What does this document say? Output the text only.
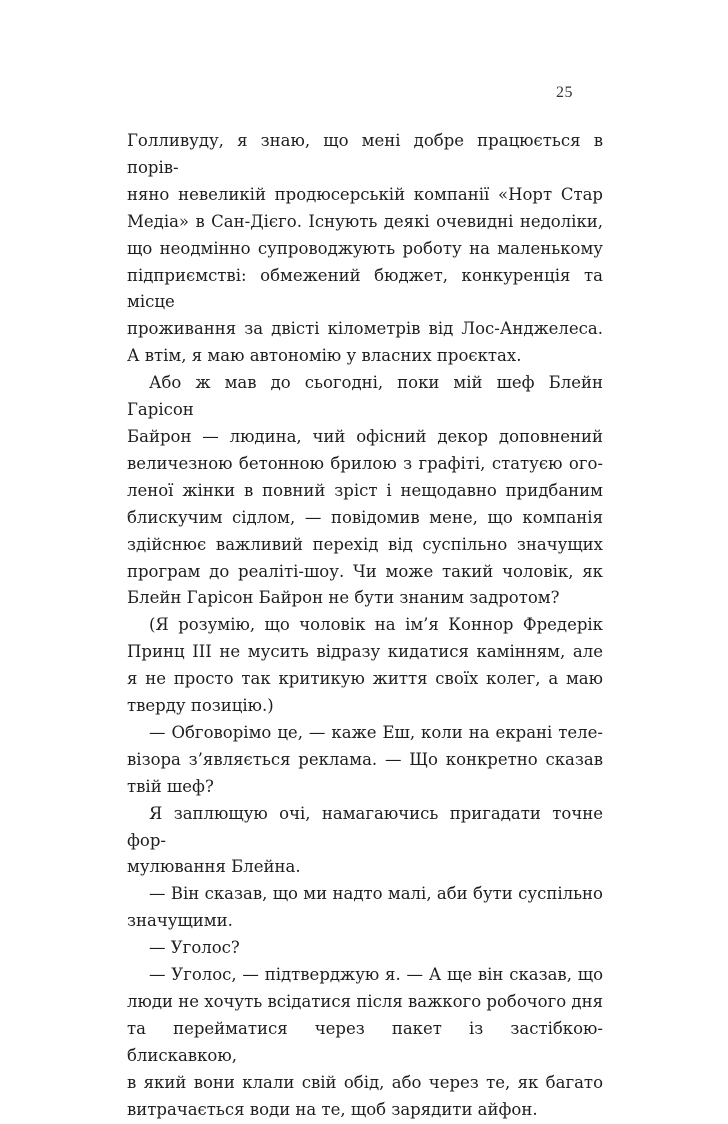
25

Голливуду, я знаю, що мені добре працюється в порів-

няно невеликій продюсерській компанії «Норт Стар

Медіа» в Сан-Дієго. Існують деякі очевидні недоліки,

що неодмінно супроводжують роботу на маленькому

підприємстві: обмежений бюджет, конкуренція та місце

проживання за двісті кілометрів від Лос-Анджелеса.

А втім, я маю автономію у власних проєктах.

Або ж мав до сьогодні, поки мій шеф Блейн Гарісон

Байрон — людина, чий офісний декор доповнений

величезною бетонною брилою з графіті, статуєю ого-

леної жінки в повний зріст і нещодавно придбаним

блискучим сідлом, — повідомив мене, що компанія

здійснює важливий перехід від суспільно значущих

програм до реаліті-шоу. Чи може такий чоловік, як

Блейн Гарісон Байрон не бути знаним задротом?

(Я розумію, що чоловік на ім’я Коннор Фредерік

Принц III не мусить відразу кидатися камінням, але

я не просто так критикую життя своїх колег, а маю

тверду позицію.)

— Обговорімо це, — каже Еш, коли на екрані теле-

візора з’являється реклама. — Що конкретно сказав

твій шеф?

Я заплющую очі, намагаючись пригадати точне фор-

мулювання Блейна.

— Він сказав, що ми надто малі, аби бути суспільно

значущими.

— Уголос?

— Уголос, — підтверджую я. — А ще він сказав, що

люди не хочуть всідатися після важкого робочого дня

та перейматися через пакет із застібкою-блискавкою,

в який вони клали свій обід, або через те, як багато

витрачається води на те, щоб зарядити айфон.
